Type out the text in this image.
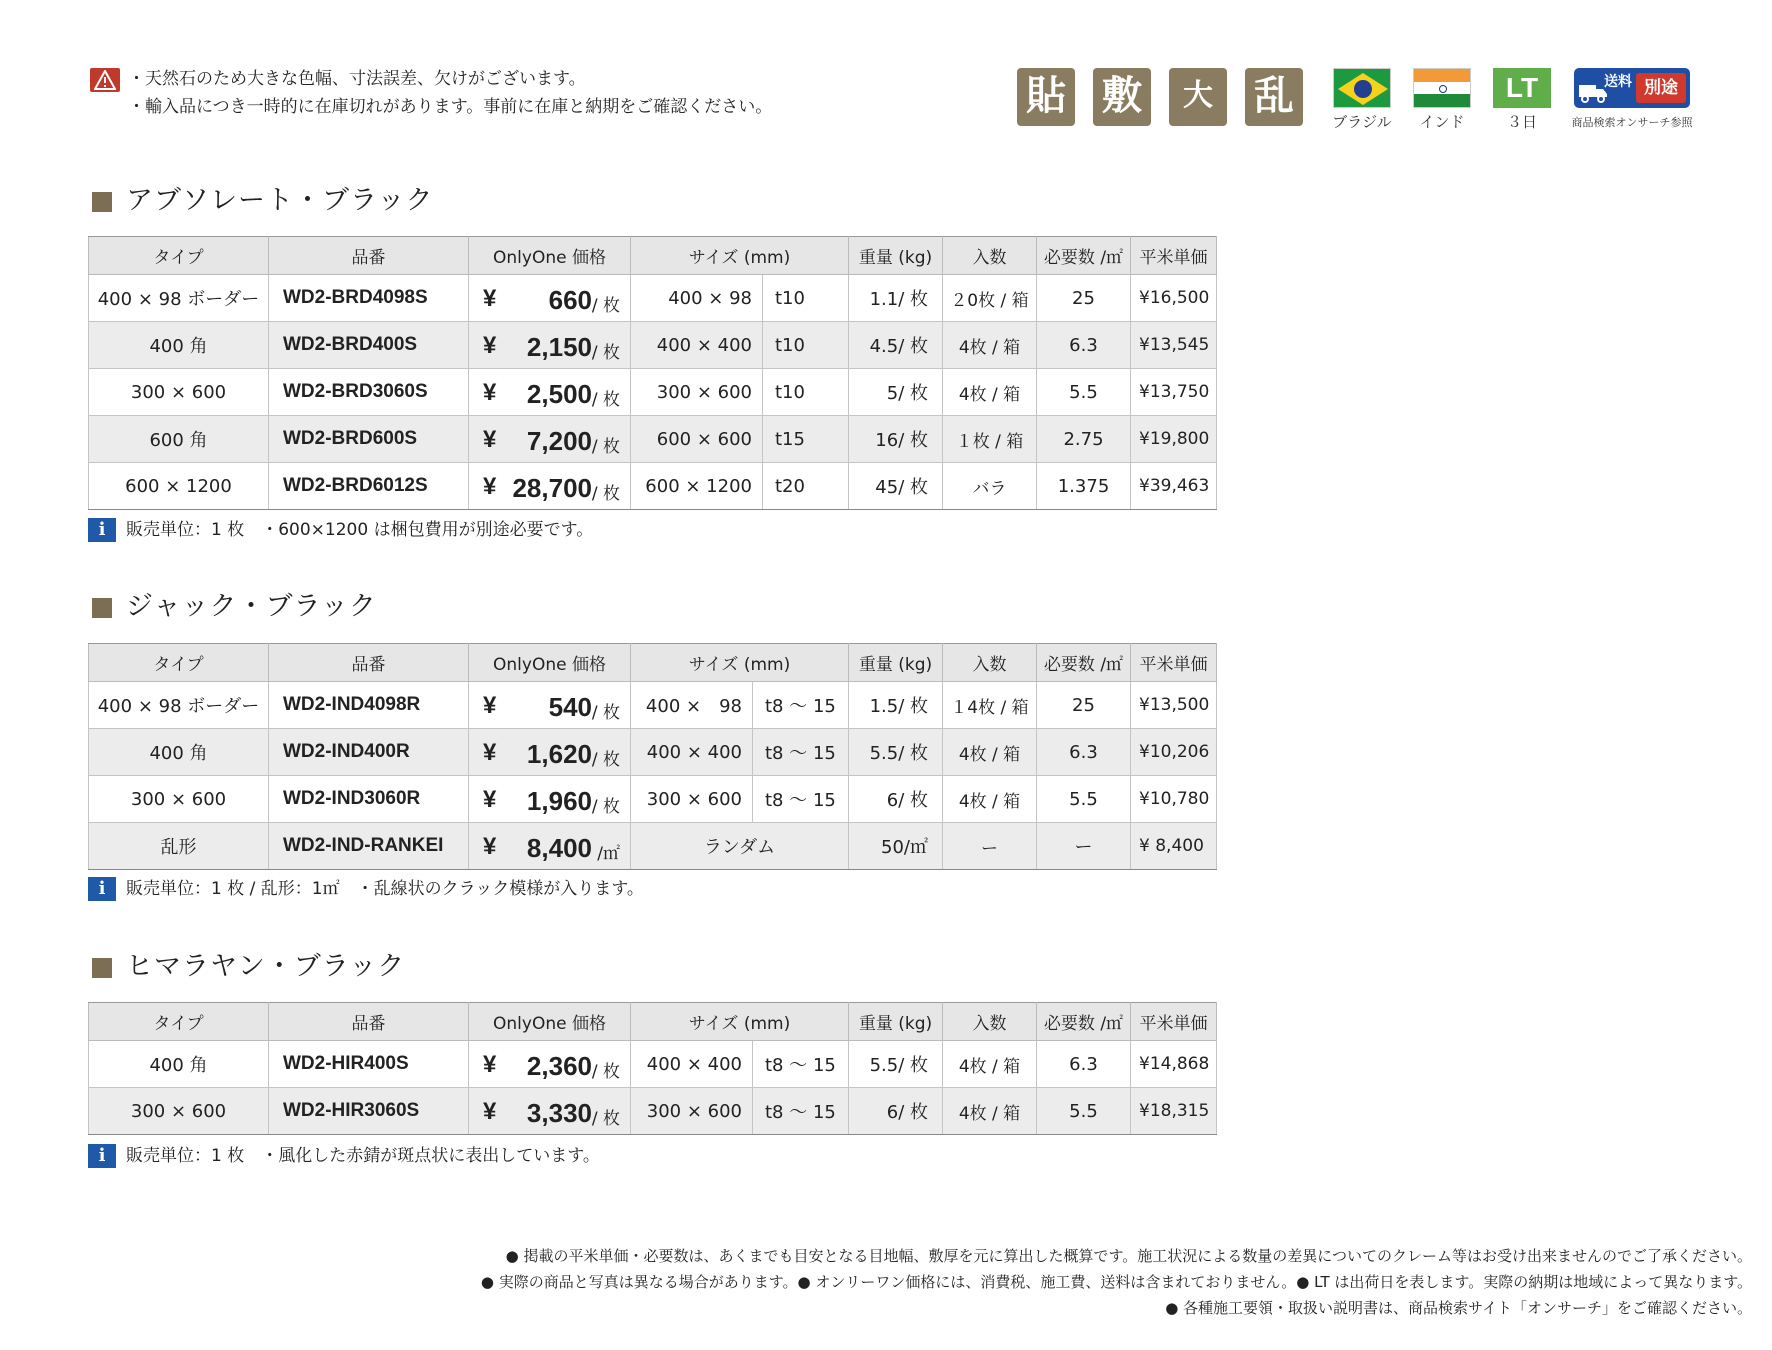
・天然石のため大きな色幅、寸法誤差、欠けがございます。
・輸入品につき一時的に在庫切れがあります。事前に在庫と納期をご確認ください。	貼 敷	大判
乱
ブラジル	インド
LT
３日
送料 別途
商品検索オンサーチ参照
アブソレート・ブラック
タイプ	品番	OnlyOne 価格	サイズ (mm)		重量 (kg)	入数	必要数 /㎡	平米単価
400 × 98 ボーダー	WD2-BRD4098S	¥ 660 / 枚	400 × 98	t10	1.1/ 枚	２0枚 / 箱	25	¥16,500
400 角	WD2-BRD400S	¥ 2,150 / 枚	400 × 400	t10	4.5/ 枚	4枚 / 箱	6.3	¥13,545
300 × 600	WD2-BRD3060S	¥ 2,500 / 枚	300 × 600	t10	5/ 枚	4枚 / 箱	5.5	¥13,750
600 角	WD2-BRD600S	¥ 7,200 / 枚	600 × 600	t15	16/ 枚	１枚 / 箱	2.75	¥19,800
600 × 1200	WD2-BRD6012S	¥ 28,700 / 枚	600 × 1200	t20	45/ 枚	バラ	1.375	¥39,463
i	販売単位：1 枚　・600×1200 は梱包費用が別途必要です。
ジャック・ブラック
タイプ	品番	OnlyOne 価格	サイズ (mm)		重量 (kg)	入数	必要数 /㎡	平米単価
400 × 98 ボーダー	WD2-IND4098R	¥ 540 / 枚	400 ×　98	t8 〜 15	1.5/ 枚	１4枚 / 箱	25	¥13,500
400 角	WD2-IND400R	¥ 1,620 / 枚	400 × 400	t8 〜 15	5.5/ 枚	4枚 / 箱	6.3	¥10,206
300 × 600	WD2-IND3060R	¥ 1,960 / 枚	300 × 600	t8 〜 15	6/ 枚	4枚 / 箱	5.5	¥10,780
乱形	WD2-IND-RANKEI	¥ 8,400 /㎡	ランダム		50/㎡	ー	ー	¥ 8,400
i	販売単位：1 枚 / 乱形：1㎡　・乱線状のクラック模様が入ります。
ヒマラヤン・ブラック
タイプ	品番	OnlyOne 価格	サイズ (mm)		重量 (kg)	入数	必要数 /㎡	平米単価
400 角	WD2-HIR400S	¥ 2,360 / 枚	400 × 400	t8 〜 15	5.5/ 枚	4枚 / 箱	6.3	¥14,868
300 × 600	WD2-HIR3060S	¥ 3,330 / 枚	300 × 600	t8 〜 15	6/ 枚	4枚 / 箱	5.5	¥18,315
i	販売単位：1 枚　・風化した赤錆が斑点状に表出しています。
● 掲載の平米単価・必要数は、あくまでも目安となる目地幅、敷厚を元に算出した概算です。施工状況による数量の差異についてのクレーム等はお受け出来ませんのでご了承ください。
● 実際の商品と写真は異なる場合があります。● オンリーワン価格には、消費税、施工費、送料は含まれておりません。● LT は出荷日を表します。実際の納期は地域によって異なります。
● 各種施工要領・取扱い説明書は、商品検索サイト「オンサーチ」をご確認ください。
